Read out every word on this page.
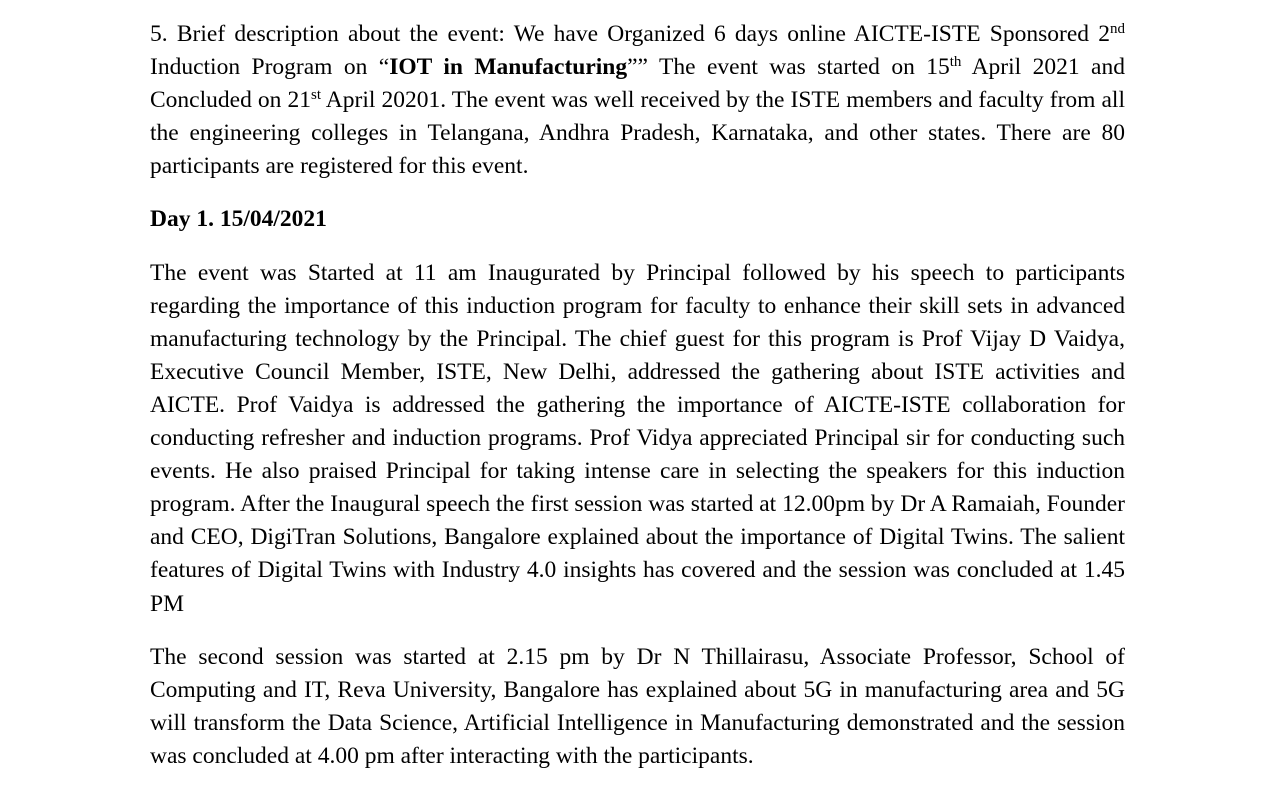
5. Brief description about the event: We have Organized 6 days online AICTE-ISTE Sponsored 2nd Induction Program on “IOT in Manufacturing”” The event was started on 15th April 2021 and Concluded on 21st April 20201. The event was well received by the ISTE members and faculty from all the engineering colleges in Telangana, Andhra Pradesh, Karnataka, and other states. There are 80 participants are registered for this event.

Day 1. 15/04/2021

The event was Started at 11 am Inaugurated by Principal followed by his speech to participants regarding the importance of this induction program for faculty to enhance their skill sets in advanced manufacturing technology by the Principal. The chief guest for this program is Prof Vijay D Vaidya, Executive Council Member, ISTE, New Delhi, addressed the gathering about ISTE activities and AICTE. Prof Vaidya is addressed the gathering the importance of AICTE-ISTE collaboration for conducting refresher and induction programs. Prof Vidya appreciated Principal sir for conducting such events. He also praised Principal for taking intense care in selecting the speakers for this induction program. After the Inaugural speech the first session was started at 12.00pm by Dr A Ramaiah, Founder and CEO, DigiTran Solutions, Bangalore explained about the importance of Digital Twins. The salient features of Digital Twins with Industry 4.0 insights has covered and the session was concluded at 1.45 PM

The second session was started at 2.15 pm by Dr N Thillairasu, Associate Professor, School of Computing and IT, Reva University, Bangalore has explained about 5G in manufacturing area and 5G will transform the Data Science, Artificial Intelligence in Manufacturing demonstrated and the session was concluded at 4.00 pm after interacting with the participants.
